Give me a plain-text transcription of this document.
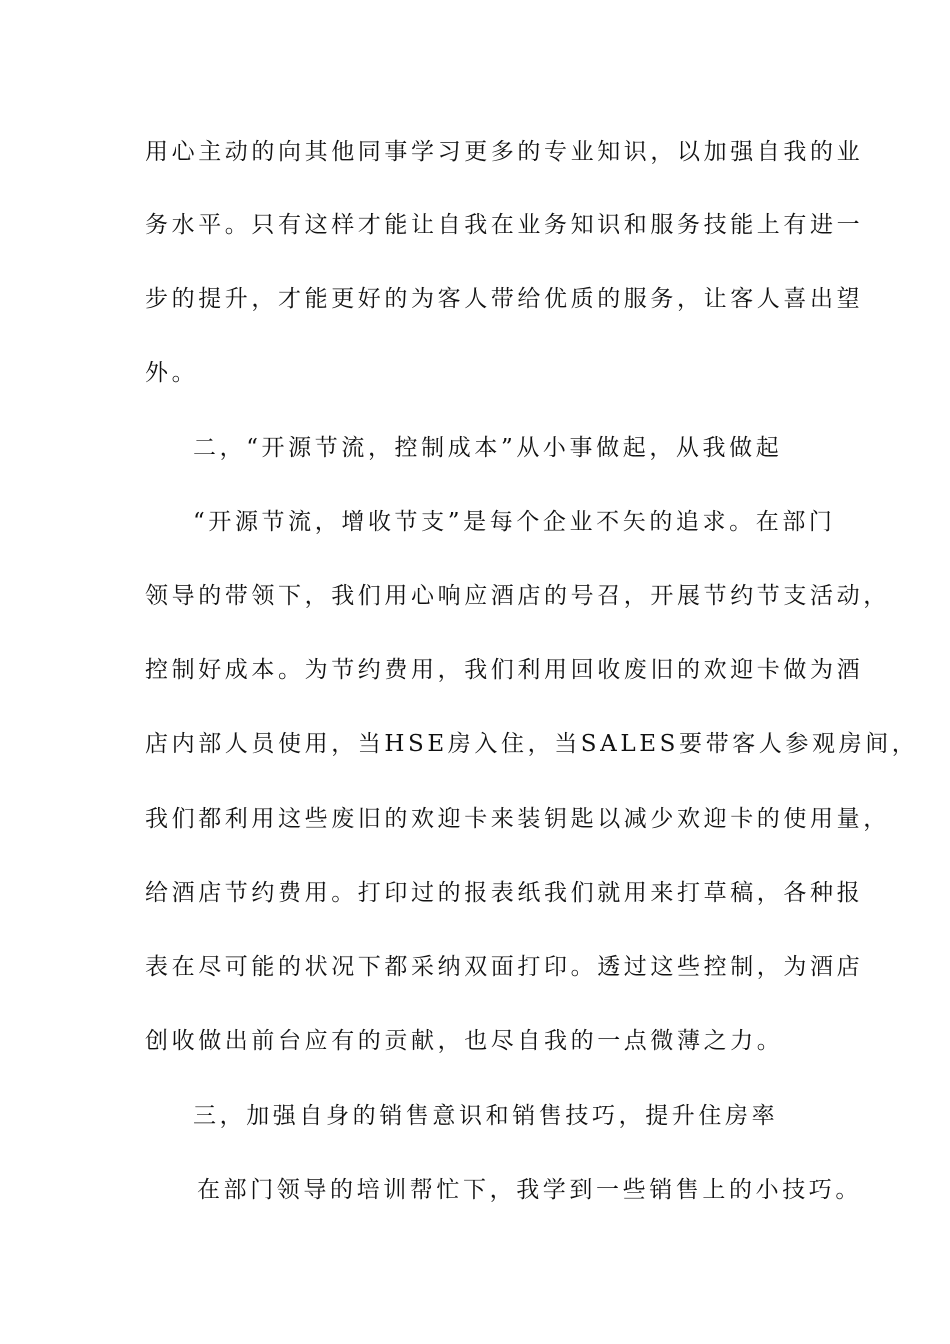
用心主动的向其他同事学习更多的专业知识，以加强自我的业
务水平。只有这样才能让自我在业务知识和服务技能上有进一
步的提升，才能更好的为客人带给优质的服务，让客人喜出望
外。
二，“开源节流，控制成本”从小事做起，从我做起
“开源节流，增收节支”是每个企业不矢的追求。在部门
领导的带领下，我们用心响应酒店的号召，开展节约节支活动，
控制好成本。为节约费用，我们利用回收废旧的欢迎卡做为酒
店内部人员使用，当HSE房入住，当SALES要带客人参观房间，
我们都利用这些废旧的欢迎卡来装钥匙以减少欢迎卡的使用量，
给酒店节约费用。打印过的报表纸我们就用来打草稿，各种报
表在尽可能的状况下都采纳双面打印。透过这些控制，为酒店
创收做出前台应有的贡献，也尽自我的一点微薄之力。
三，加强自身的销售意识和销售技巧，提升住房率
在部门领导的培训帮忙下，我学到一些销售上的小技巧。
